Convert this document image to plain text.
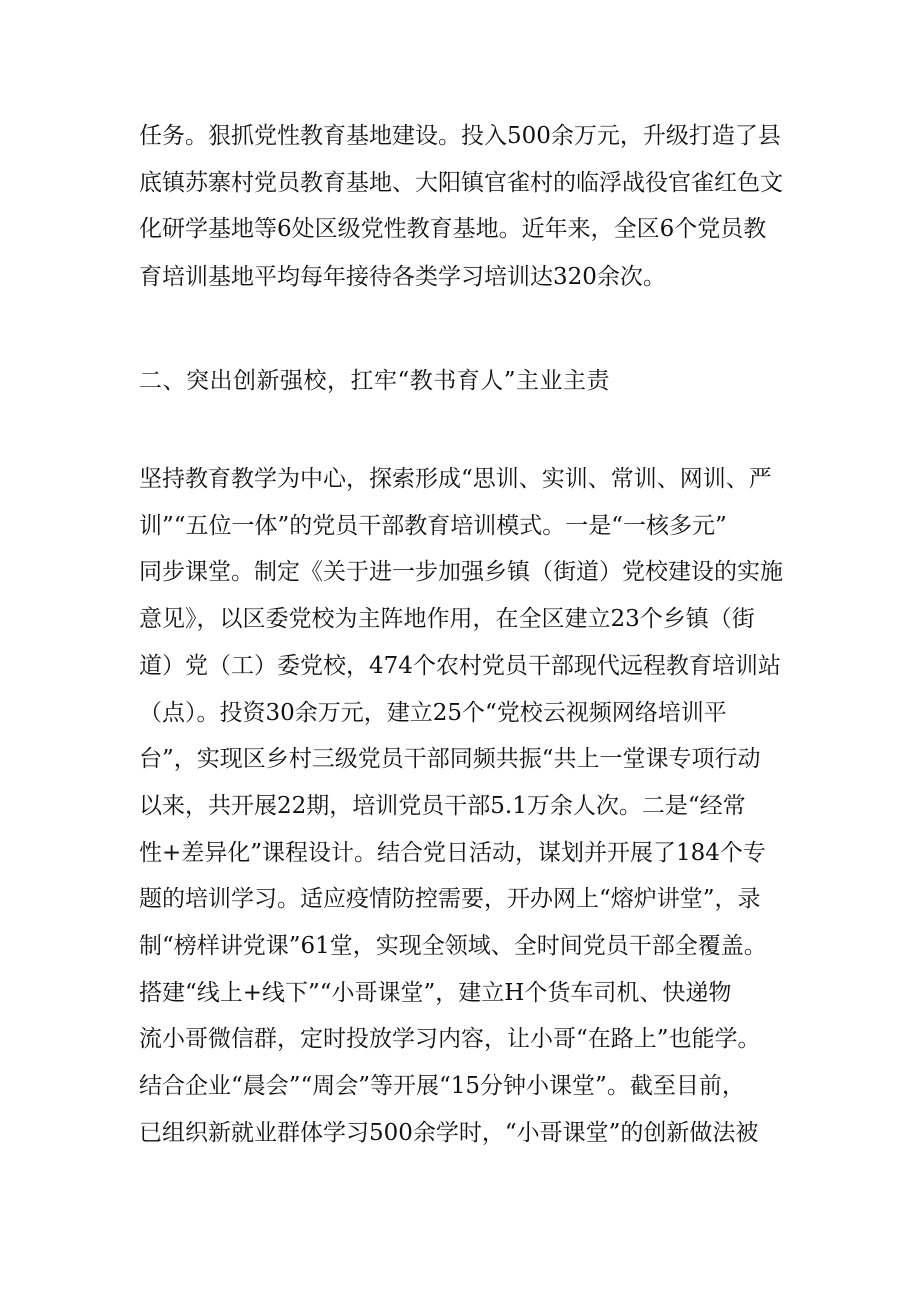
任务。狠抓党性教育基地建设。投入500余万元，升级打造了县
底镇苏寨村党员教育基地、大阳镇官雀村的临浮战役官雀红色文
化研学基地等6处区级党性教育基地。近年来，全区6个党员教
育培训基地平均每年接待各类学习培训达320余次。
二、突出创新强校，扛牢“教书育人”主业主责
坚持教育教学为中心，探索形成“思训、实训、常训、网训、严
训”“五位一体”的党员干部教育培训模式。一是“一核多元”
同步课堂。制定《关于进一步加强乡镇（街道）党校建设的实施
意见》，以区委党校为主阵地作用，在全区建立23个乡镇（街
道）党（工）委党校，474个农村党员干部现代远程教育培训站
（点）。投资30余万元，建立25个“党校云视频网络培训平
台”，实现区乡村三级党员干部同频共振“共上一堂课专项行动
以来，共开展22期，培训党员干部5.1万余人次。二是“经常
性+差异化”课程设计。结合党日活动，谋划并开展了184个专
题的培训学习。适应疫情防控需要，开办网上“熔炉讲堂”，录
制“榜样讲党课”61堂，实现全领域、全时间党员干部全覆盖。
搭建“线上+线下”“小哥课堂”，建立H个货车司机、快递物
流小哥微信群，定时投放学习内容，让小哥“在路上”也能学。
结合企业“晨会”“周会”等开展“15分钟小课堂”。截至目前，
已组织新就业群体学习500余学时，“小哥课堂”的创新做法被
